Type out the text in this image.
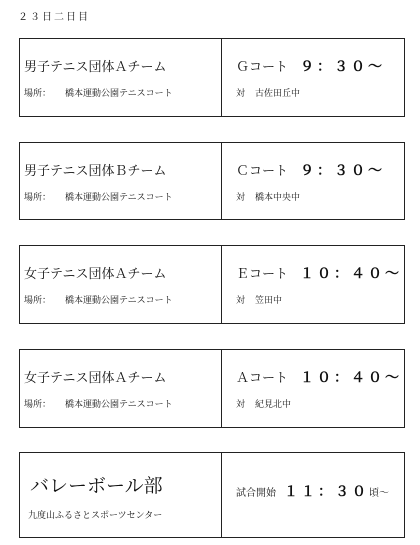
２３日二日目
男子テニス団体Ａチーム
場所： 橋本運動公園テニスコート
Ｇコート ９：３０～
対 古佐田丘中
男子テニス団体Ｂチーム
場所： 橋本運動公園テニスコート
Ｃコート ９：３０～
対 橋本中央中
女子テニス団体Ａチーム
場所： 橋本運動公園テニスコート
Ｅコート １０：４０～
対 笠田中
女子テニス団体Ａチーム
場所： 橋本運動公園テニスコート
Ａコート １０：４０～
対 紀見北中
バレーボール部
九度山ふるさとスポーツセンター
試合開始 １１：３０頃～
